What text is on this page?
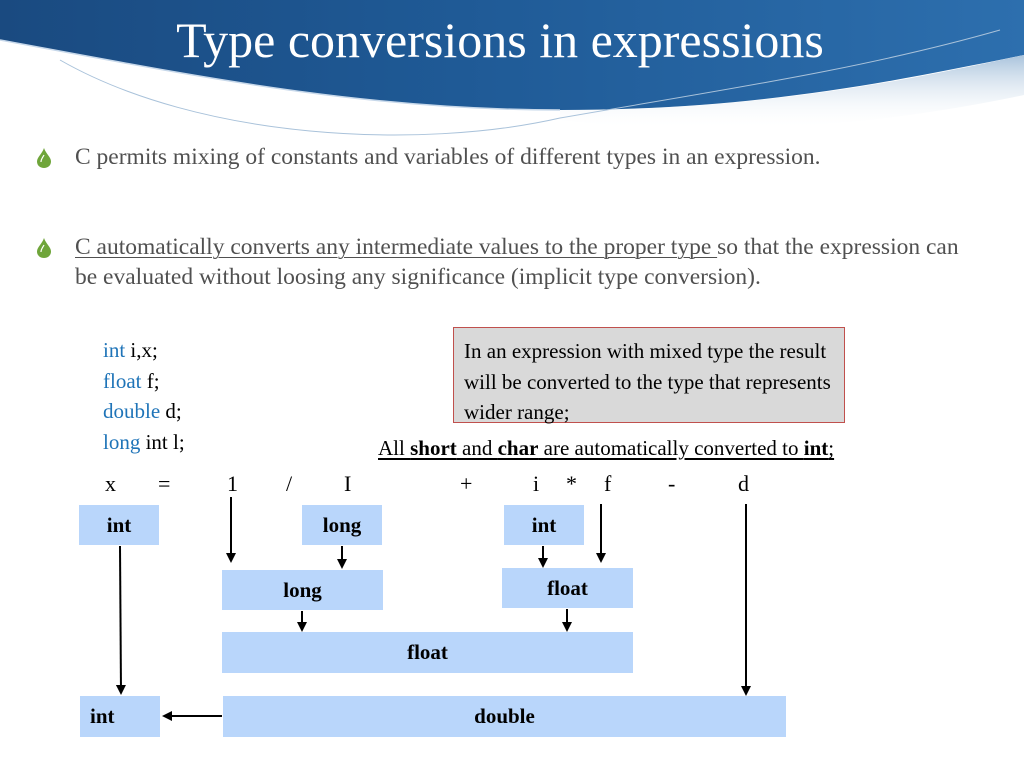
Type conversions in expressions
C permits mixing of constants and variables of different types in an expression.
C automatically converts any intermediate values to the proper type so that the expression can be evaluated without loosing any significance (implicit type conversion).
int i,x;
float f;
double d;
long int l;
In an expression with mixed type the result will be converted to the type that represents wider range;
All short and char are automatically converted to int;
x =	1 / I	+	i * f	-	d
int	long	int
long	float
float
int	double
